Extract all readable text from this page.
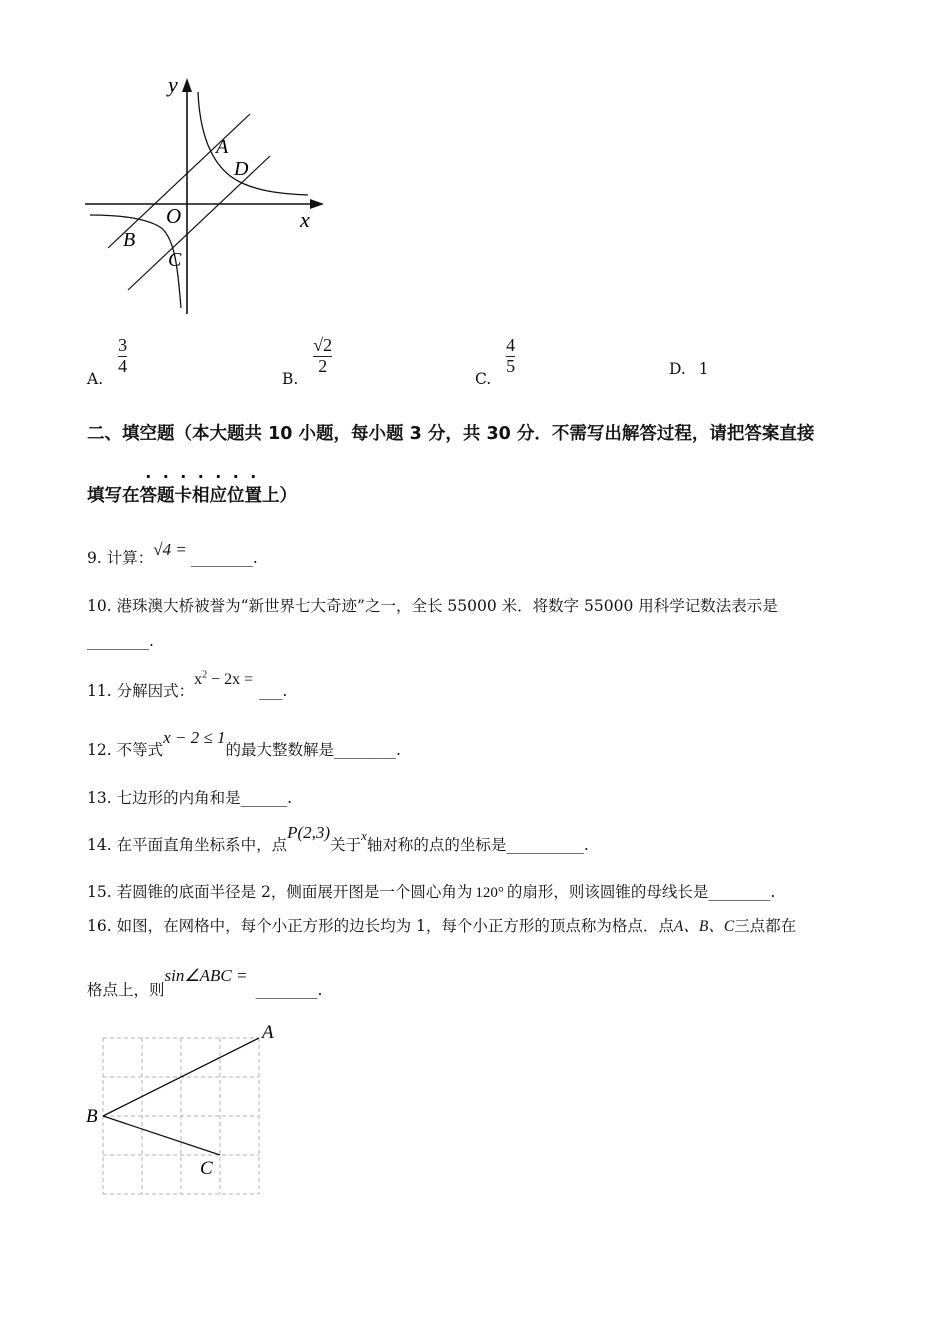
y
x
O
A
D
B
C
A.
$\frac{3}{4}$
B.
$\frac{√2}{2}$
C.
$\frac{4}{5}$	D. 1
二、填空题（本大题共 10 小题，每小题 3 分，共 30 分．不需写出解答过程，请把答案直接
填写在答题卡相应位置上）
9. 计算：√4 = ________.
10. 港珠澳大桥被誉为“新世界七大奇迹”之一，全长 55000 米．将数字 55000 用科学记数法表示是
________.
11. 分解因式：$x^2 - 2x$ =___.
12. 不等式x − 2 ≤ 1的最大整数解是________.
13. 七边形的内角和是______.
14. 在平面直角坐标系中，点P(2,3)关于$^x$轴对称的点的坐标是__________.
15. 若圆锥的底面半径是 2，侧面展开图是一个圆心角为 120° 的扇形，则该圆锥的母线长是________.
16. 如图，在网格中，每个小正方形的边长均为 1，每个小正方形的顶点称为格点．点A、B、C三点都在
格点上，则sin∠ABC =________.
A
B
C
